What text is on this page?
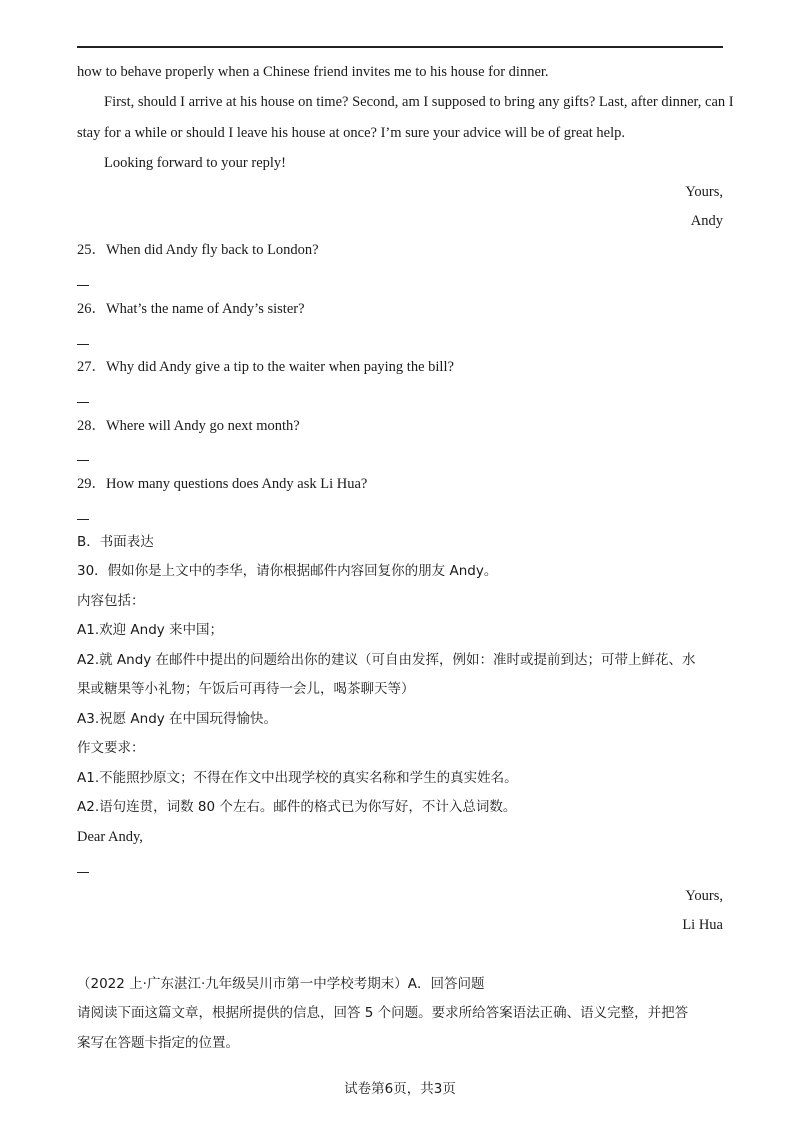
how to behave properly when a Chinese friend invites me to his house for dinner.
First, should I arrive at his house on time? Second, am I supposed to bring any gifts? Last, after dinner, can I
stay for a while or should I leave his house at once? I’m sure your advice will be of great help.
Looking forward to your reply!
Yours,
Andy
25．When did Andy fly back to London?
26．What’s the name of Andy’s sister?
27．Why did Andy give a tip to the waiter when paying the bill?
28．Where will Andy go next month?
29．How many questions does Andy ask Li Hua?
B．书面表达
30．假如你是上文中的李华，请你根据邮件内容回复你的朋友 Andy。
内容包括：
A1.欢迎 Andy 来中国；
A2.就 Andy 在邮件中提出的问题给出你的建议（可自由发挥，例如：准时或提前到达；可带上鲜花、水
果或糖果等小礼物；午饭后可再待一会儿，喝茶聊天等）
A3.祝愿 Andy 在中国玩得愉快。
作文要求：
A1.不能照抄原文；不得在作文中出现学校的真实名称和学生的真实姓名。
A2.语句连贯，词数 80 个左右。邮件的格式已为你写好，不计入总词数。
Dear Andy,
Yours,
Li Hua
（2022 上·广东湛江·九年级吴川市第一中学校考期末）A．回答问题
请阅读下面这篇文章，根据所提供的信息，回答 5 个问题。要求所给答案语法正确、语义完整，并把答
案写在答题卡指定的位置。
试卷第6页，共3页
